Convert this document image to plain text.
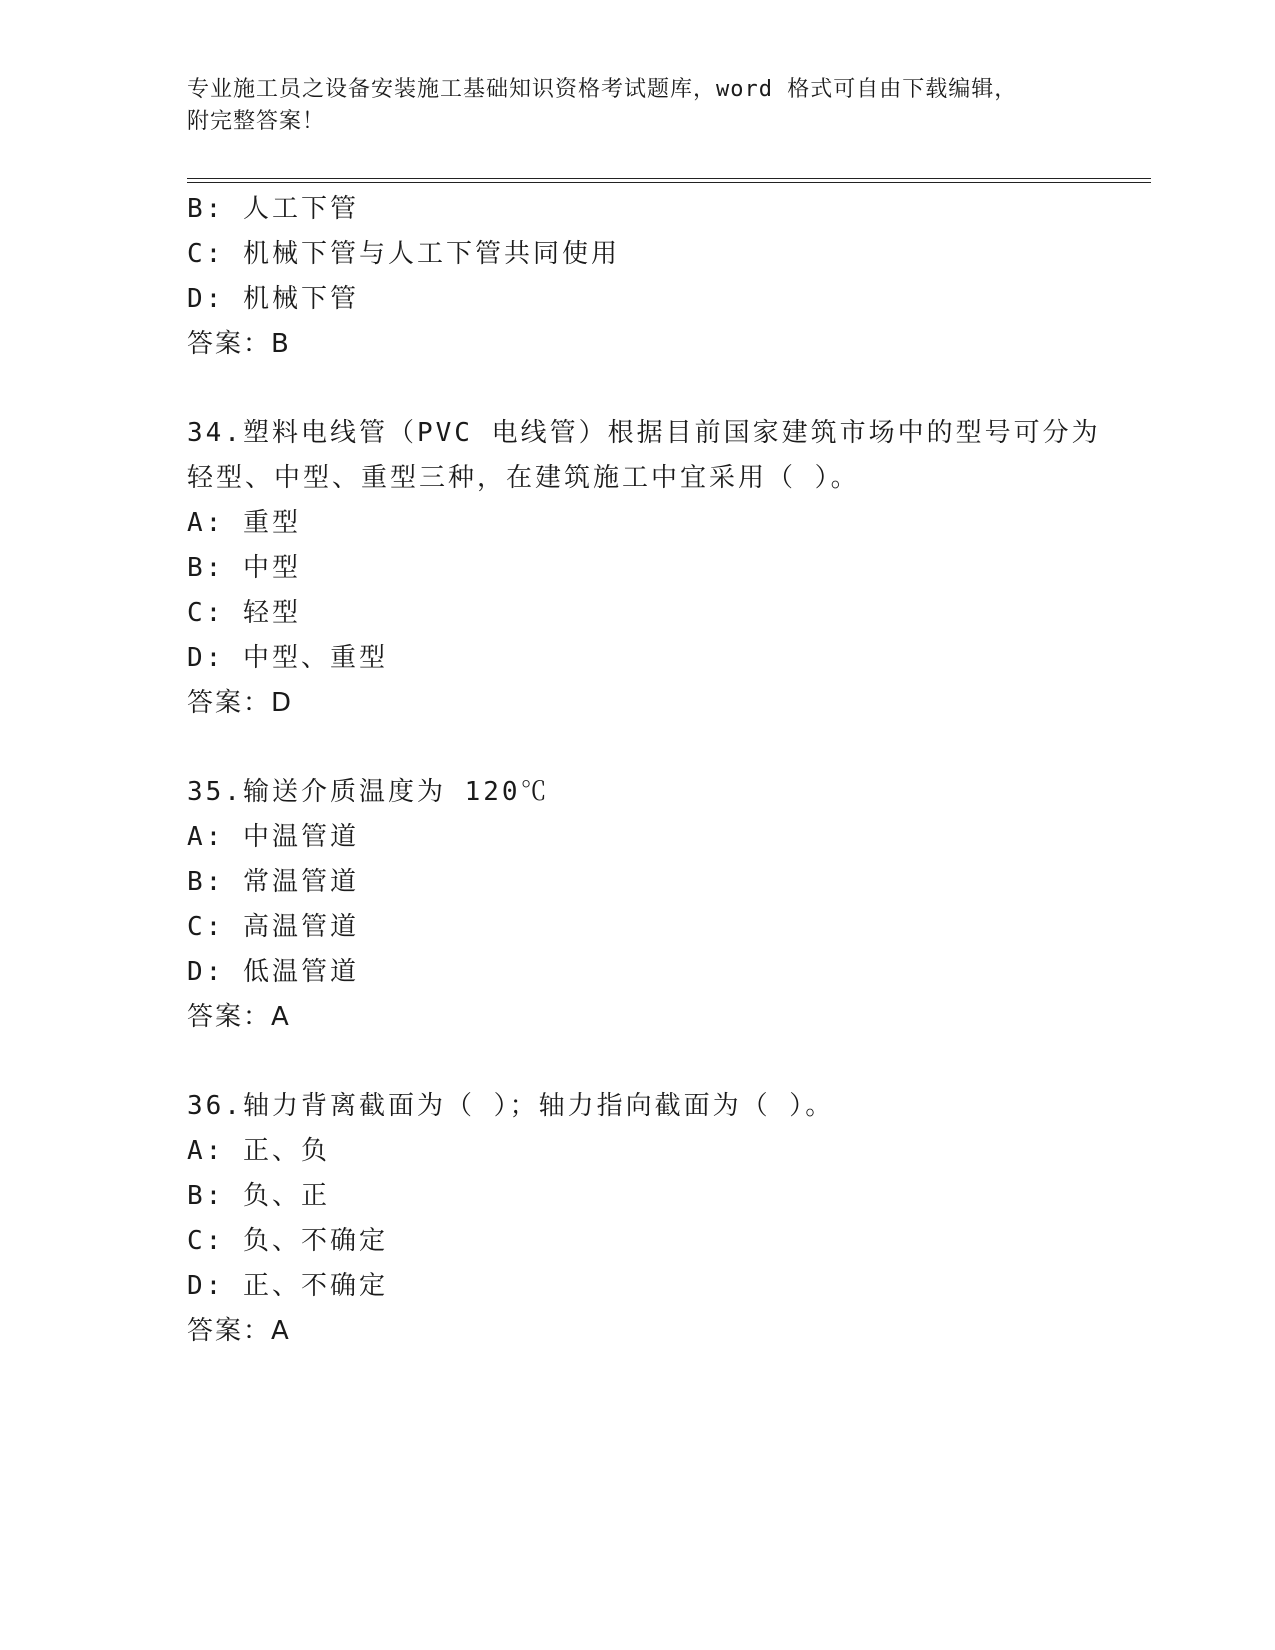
专业施工员之设备安装施工基础知识资格考试题库，word 格式可自由下载编辑，
附完整答案！
B: 人工下管
C: 机械下管与人工下管共同使用
D: 机械下管
答案：B
34.塑料电线管（PVC 电线管）根据目前国家建筑市场中的型号可分为
轻型、中型、重型三种，在建筑施工中宜采用（ ）。
A: 重型
B: 中型
C: 轻型
D: 中型、重型
答案：D
35.输送介质温度为 120℃
A: 中温管道
B: 常温管道
C: 高温管道
D: 低温管道
答案：A
36.轴力背离截面为（ ）；轴力指向截面为（ ）。
A: 正、负
B: 负、正
C: 负、不确定
D: 正、不确定
答案：A
